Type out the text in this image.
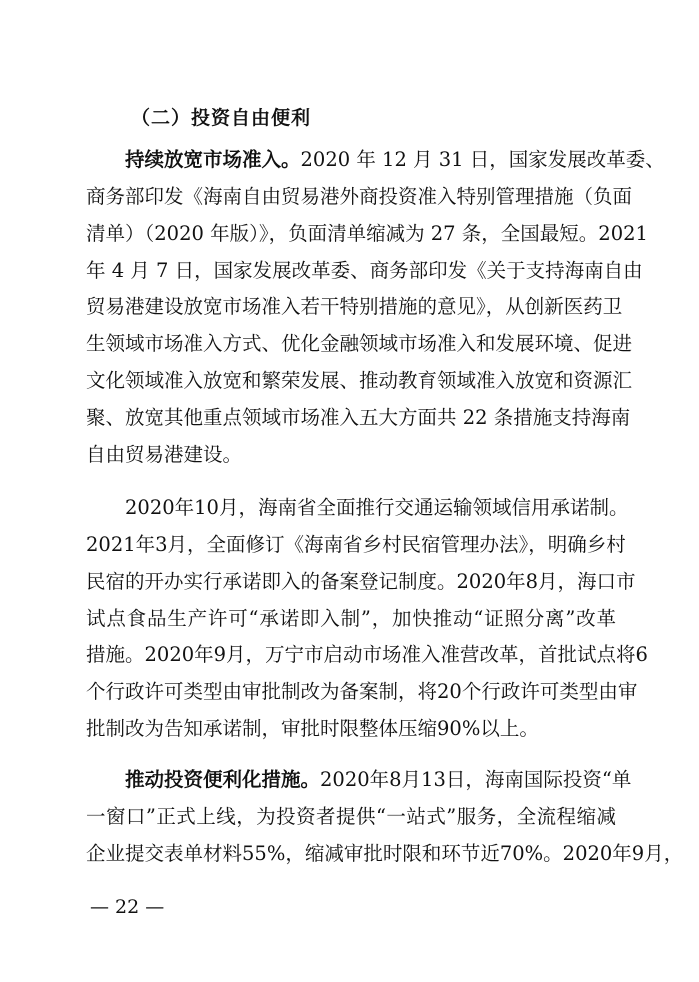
（二）投资自由便利
持续放宽市场准入。2020 年 12 月 31 日，国家发展改革委、
商务部印发《海南自由贸易港外商投资准入特别管理措施（负面
清单）（2020 年版）》，负面清单缩减为 27 条，全国最短。2021
年 4 月 7 日，国家发展改革委、商务部印发《关于支持海南自由
贸易港建设放宽市场准入若干特别措施的意见》，从创新医药卫
生领域市场准入方式、优化金融领域市场准入和发展环境、促进
文化领域准入放宽和繁荣发展、推动教育领域准入放宽和资源汇
聚、放宽其他重点领域市场准入五大方面共 22 条措施支持海南
自由贸易港建设。
2020年10月，海南省全面推行交通运输领域信用承诺制。
2021年3月，全面修订《海南省乡村民宿管理办法》，明确乡村
民宿的开办实行承诺即入的备案登记制度。2020年8月，海口市
试点食品生产许可“承诺即入制”，加快推动“证照分离”改革
措施。2020年9月，万宁市启动市场准入准营改革，首批试点将6
个行政许可类型由审批制改为备案制，将20个行政许可类型由审
批制改为告知承诺制，审批时限整体压缩90%以上。
推动投资便利化措施。2020年8月13日，海南国际投资“单
一窗口”正式上线，为投资者提供“一站式”服务，全流程缩减
企业提交表单材料55%，缩减审批时限和环节近70%。2020年9月，
— 22 —
